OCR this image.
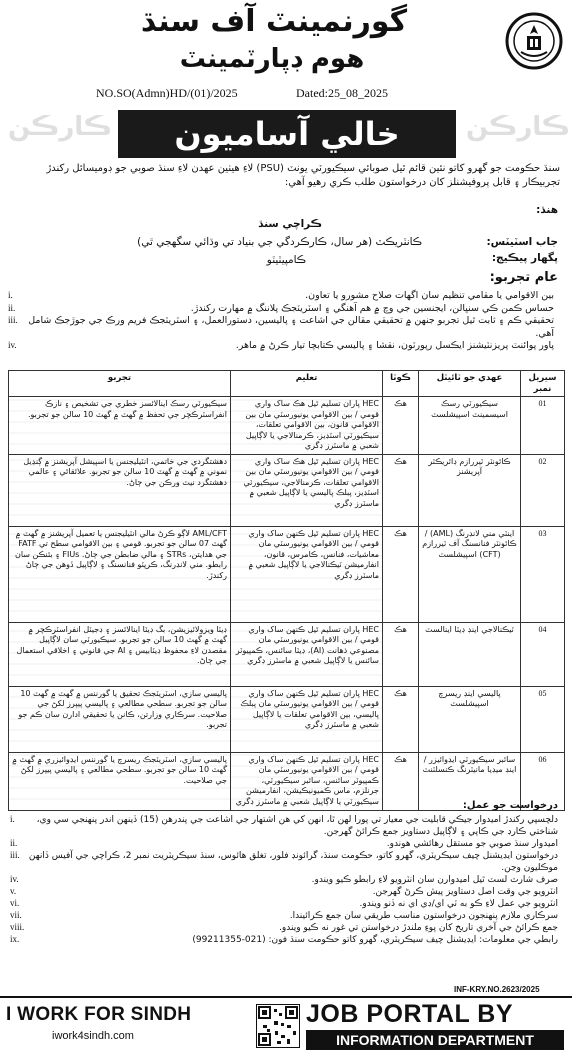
گورنمينٽ آف سنڌ
هوم ڊپارٽمينٽ
NO.SO(Admn)HD/(01)/2025	Dated:25_08_2025
ڪارڪن	ڪارڪن
خالي آساميون
سنڌ حڪومت جو گهرو کاتو نئين قائم ٿيل صوبائي سيڪيورٽي يونٽ (PSU) لاءِ هيٺين عهدن لاءِ سنڌ صوبي جو ڊوميسائل رکندڙ تجربيڪار ۽ قابل پروفيشنلز کان درخواستون طلب ڪري رهيو آهي:
هنڌ:
ڪراچي سنڌ
جاب اسٽيٽس:
ڪانٽريڪٽ (هر سال، ڪارڪردگي جي بنياد تي وڌائي سگهجي ٿي)
پگهار پيڪيج:
ڪامپيٽيٽو
عام تجربو:
i.	بين الاقوامي يا مقامي تنظيم سان اگهات صلاح مشورو يا تعاون.
ii.	حساس ڪمن ڪي سنڀالن، ايجنسين جي وچ ۾ هم آهنگي ۽ اسٽريٽجڪ پلاننگ ۾ مهارت رکندڙ.
iii. تحقيقي ڪم ۽ ثابت ٿيل تجربو جنهن ۾ تحقيقي مقالن جي اشاعت ۽ پاليسين، دستورالعمل، ۽ اسٽريٽجڪ فريم ورڪ جي جوڙجڪ شامل آهي.
iv.	پاور پوائنٽ پريزنٽيشنز ايڪسل رپورٽون، نقشا ۽ پاليسي ڪتابچا تيار ڪرڻ ۾ ماهر.
سيريل نمبر	عهدي جو ٽائيٽل	ڪوٽا	تعليم	تجربو
01	سيڪيورٽي رسڪ اسيسمينٽ اسپيشلسٽ	هڪ	HEC پاران تسليم ٿيل هڪ ساک واري قومي / بين الاقوامي يونيورسٽي مان بين الاقوامي قانون، بين الاقوامي تعلقات، سيڪيورٽي اسٽڊيز، ڪرمنالاجي يا لاڳاپيل شعبي ۾ ماسٽرز ڊگري	سيڪيورٽي رسڪ اينالائسز خطري جي تشخيص ۽ نازڪ انفراسٽرڪچر جي تحفظ ۾ گهٽ ۾ گهٽ 10 سالن جو تجربو.
02	ڪائونٽر ٽيررازم ڊائريڪٽر آپريشنز	هڪ	HEC پاران تسليم ٿيل هڪ ساک واري قومي / بين الاقوامي يونيورسٽي مان بين الاقوامي تعلقات، ڪرمنالاجي، سيڪيورٽي اسٽڊيز، پبلڪ پاليسي يا لاڳاپيل شعبي ۾ ماسٽرز ڊگري	دهشتگردي جي خاتمي، انٽيليجنس يا اسپيشل آپريشنز ۾ ڳنڍيل نموني ۾ گهٽ ۾ گهٽ 10 سالن جو تجربو. علائقائي ۽ عالمي دهشتگرد نيٽ ورڪن جي ڄاڻ.
03	اينٽي مني لانڊرنگ (AML) / ڪائونٽر فنانسنگ آف ٽيررازم (CFT) اسپيشلسٽ	هڪ	HEC پاران تسليم ٿيل ڪنهن ساک واري قومي / بين الاقوامي يونيورسٽي مان معاشيات، فنانس، ڪامرس، قانون، انفارميشن ٽيڪنالاجي يا لاڳاپيل شعبي ۾ ماسٽرز ڊگري	AML/CFT لاڳو ڪرڻ مالي انٽيليجنس يا تعميل آپريشنز ۾ گهٽ ۾ گهٽ 07 سالن جو تجربو. قومي ۽ بين الاقوامي سطح تي FATF جي هدايتن، STRs ۽ مالي ضابطن جي ڄاڻ. FIUs ۽ بئنڪن سان رابطو. مني لانڊرنگ، ڪرپٽو فنانسنگ ۽ لاڳاپيل ڏوهن جي ڄاڻ رکندڙ.
04	ٽيڪنالاجي اينڊ ڊيٽا اينالسٽ	هڪ	HEC پاران تسليم ٿيل ڪنهن ساک واري قومي / بين الاقوامي يونيورسٽي مان مصنوعي ذهانت (AI)، ڊيٽا سائنس، ڪمپيوٽر سائنس يا لاڳاپيل شعبي ۾ ماسٽرز ڊگري	ڊيٽا ويزولائيزيشن، بگ ڊيٽا اينالائسز ۽ ڊجيٽل انفراسٽرڪچر ۾ گهٽ ۾ گهٽ 10 سالن جو تجربو. سيڪيورٽي سان لاڳاپيل مقصدن لاءِ محفوظ ڊيٽابيس ۽ AI جي قانوني ۽ اخلاقي استعمال جي ڄاڻ.
05	پاليسي اينڊ ريسرچ اسپيشلسٽ	هڪ	HEC پاران تسليم ٿيل ڪنهن ساک واري قومي / بين الاقوامي يونيورسٽي مان پبلڪ پاليسي، بين الاقوامي تعلقات يا لاڳاپيل شعبي ۾ ماسٽرز ڊگري	پاليسي سازي، اسٽريٽجڪ تحقيق يا گورننس ۾ گهٽ ۾ گهٽ 10 سالن جو تجربو. سطحي مطالعي ۽ پاليسي پيپرز لکڻ جي صلاحيت. سرڪاري وزارتن، ڪانن يا تحقيقي ادارن سان ڪم جو تجربو.
06	سائبر سيڪيورٽي ايڊوائيزر / اينڊ ميڊيا مانيٽرنگ ڪنسلٽنٽ	هڪ	HEC پاران تسليم ٿيل ڪنهن ساک واري قومي / بين الاقوامي يونيورسٽي مان ڪمپيوٽر سائنس، سائبر سيڪيورٽي، جرنلزم، ماس ڪميونيڪيشن، انفارميشن سيڪيورٽي يا لاڳاپيل شعبي ۾ ماسٽرز ڊگري	پاليسي سازي، اسٽريٽجڪ ريسرچ يا گورننس ايڊوائيزري ۾ گهٽ ۾ گهٽ 10 سالن جو تجربو. سطحي مطالعي ۽ پاليسي پيپرز لکڻ جي صلاحيت.
درخواست جو عمل:
i. دلچسپي رکندڙ اميدوار جيڪي قابليت جي معيار تي پورا لهن ٿا، انهن کي هن اشتهار جي اشاعت جي پندرهن (15) ڏينهن اندر پنهنجي سي وي، شناختي ڪارڊ جي ڪاپي ۽ لاڳاپيل دستاويز جمع ڪرائڻ گهرجن.
ii.	اميدوار سنڌ صوبي جو مستقل رهائشي هوندو.
iii. درخواستون ايڊيشنل چيف سيڪريٽري، گهرو کاتو، حڪومت سنڌ، گرائونڊ فلور، تغلق هائوس، سنڌ سيڪريٽريٽ نمبر 2، ڪراچي جي آفيس ڏانهن موڪليون وڃن.
iv.	صرف شارٽ لسٽ ٿيل اميدوارن سان انٽرويو لاءِ رابطو ڪيو ويندو.
v.	انٽرويو جي وقت اصل دستاويز پيش ڪرڻ گهرجن.
vi.	انٽرويو جي عمل لاءِ ڪو به ٽي اي/ڊي اي نه ڏنو ويندو.
vii.	سرڪاري ملازم پنهنجون درخواستون مناسب طريقي سان جمع ڪرائيندا.
viii.	جمع ڪرائڻ جي آخري تاريخ کان پوءِ ملندڙ درخواستن تي غور نه ڪيو ويندو.
ix.	رابطي جي معلومات: ايڊيشنل چيف سيڪريٽري، گهرو کاتو حڪومت سنڌ فون: (021-99211355)
INF-KRY.NO.2623/2025
I WORK FOR SINDH
iwork4sindh.com
JOB PORTAL BY
INFORMATION DEPARTMENT
